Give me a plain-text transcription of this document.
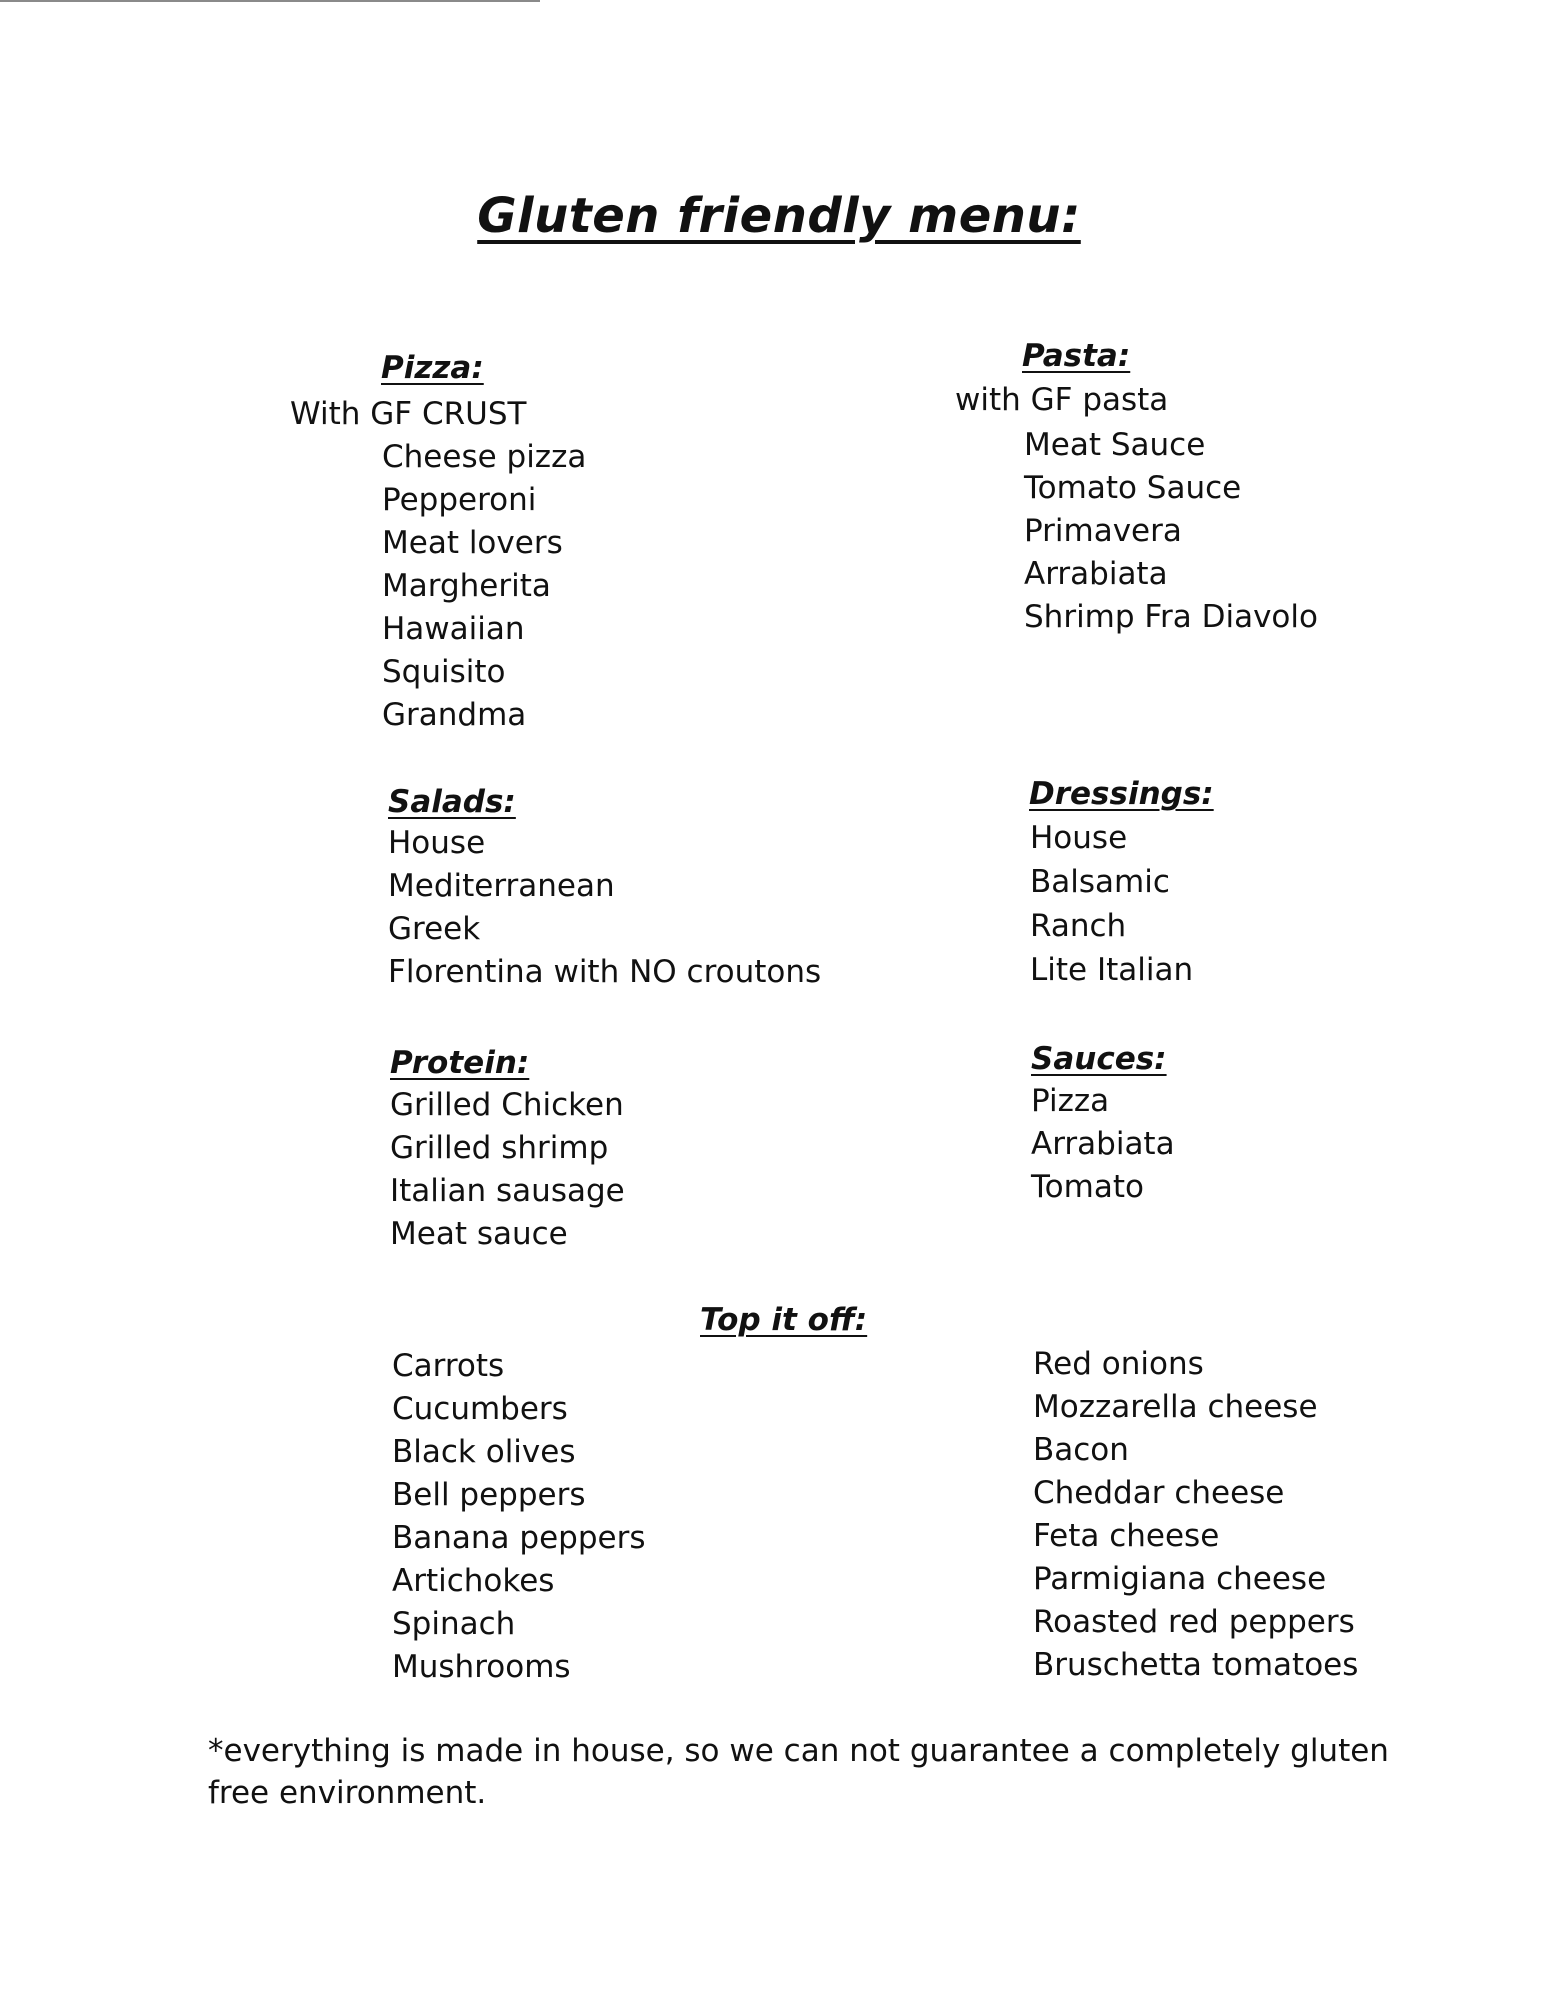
Gluten friendly menu:
Pizza:
With GF CRUST
Cheese pizza
Pepperoni
Meat lovers
Margherita
Hawaiian
Squisito
Grandma
Pasta:
with GF pasta
Meat Sauce
Tomato Sauce
Primavera
Arrabiata
Shrimp Fra Diavolo
Salads:
House
Mediterranean
Greek
Florentina with NO croutons
Dressings:
House
Balsamic
Ranch
Lite Italian
Protein:
Grilled Chicken
Grilled shrimp
Italian sausage
Meat sauce
Sauces:
Pizza
Arrabiata
Tomato
Top it off:
Carrots
Cucumbers
Black olives
Bell peppers
Banana peppers
Artichokes
Spinach
Mushrooms
Red onions
Mozzarella cheese
Bacon
Cheddar cheese
Feta cheese
Parmigiana cheese
Roasted red peppers
Bruschetta tomatoes

*everything is made in house, so we can not guarantee a completely gluten free environment.
